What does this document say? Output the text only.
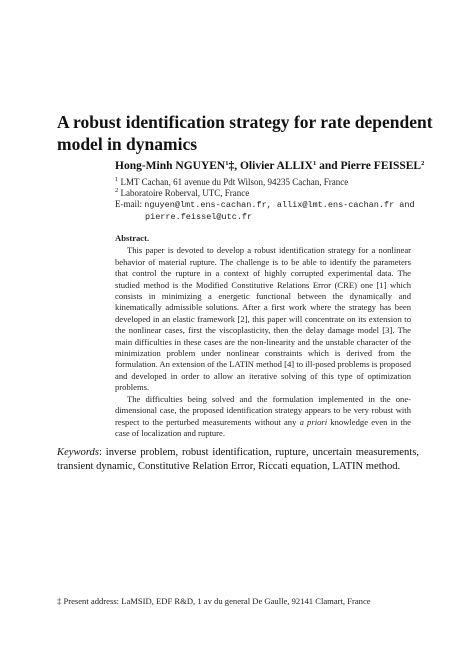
A robust identification strategy for rate dependent
model in dynamics
Hong-Minh NGUYEN$^1$‡, Olivier ALLIX$^1$ and Pierre FEISSEL$^2$
$^1$ LMT Cachan, 61 avenue du Pdt Wilson, 94235 Cachan, France
$^2$ Laboratoire Roberval, UTC, France
E-mail: nguyen@lmt.ens-cachan.fr, allix@lmt.ens-cachan.fr and
pierre.feissel@utc.fr
Abstract.

This paper is devoted to develop a robust identification strategy for a nonlinear behavior of material rupture. The challenge is to be able to identify the parameters that control the rupture in a context of highly corrupted experimental data. The studied method is the Modified Constitutive Relations Error (CRE) one [1] which consists in minimizing a energetic functional between the dynamically and kinematically admissible solutions. After a first work where the strategy has been developed in an elastic framework [2], this paper will concentrate on its extension to the nonlinear cases, first the viscoplasticity, then the delay damage model [3]. The main difficulties in these cases are the non-linearity and the unstable character of the minimization problem under nonlinear constraints which is derived from the formulation. An extension of the LATIN method [4] to ill-posed problems is proposed and developed in order to allow an iterative solving of this type of optimization problems.

The difficulties being solved and the formulation implemented in the one-dimensional case, the proposed identification strategy appears to be very robust with respect to the perturbed measurements without any a priori knowledge even in the case of localization and rupture.

Keywords: inverse problem, robust identification, rupture, uncertain measurements, transient dynamic, Constitutive Relation Error, Riccati equation, LATIN method.
‡ Present address: LaMSID, EDF R&D, 1 av du general De Gaulle, 92141 Clamart, France
